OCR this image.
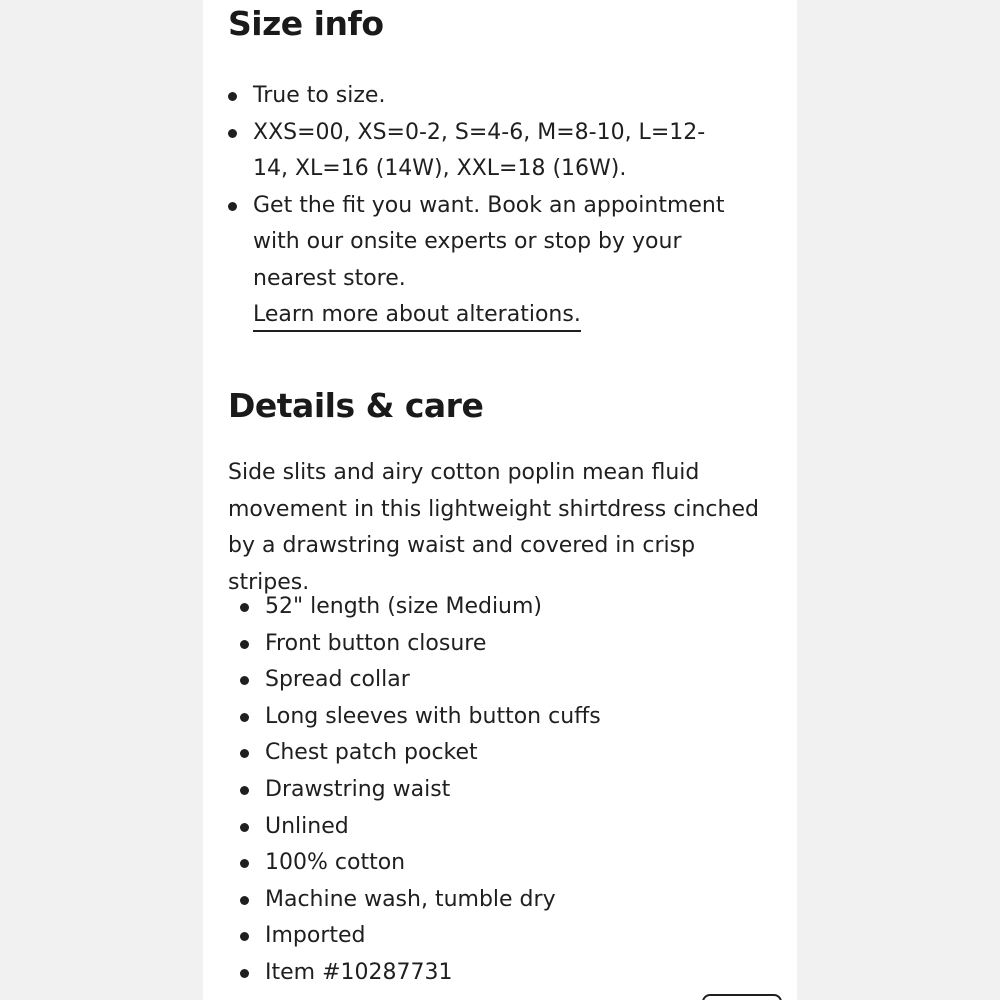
Size info
True to size.
XXS=00, XS=0-2, S=4-6, M=8-10, L=12-14, XL=16 (14W), XXL=18 (16W).
Get the fit you want. Book an appointment with our onsite experts or stop by your nearest store.
Learn more about alterations.
Details & care

Side slits and airy cotton poplin mean fluid movement in this lightweight shirtdress cinched by a drawstring waist and covered in crisp stripes.

52" length (size Medium)
Front button closure
Spread collar
Long sleeves with button cuffs
Chest patch pocket
Drawstring waist
Unlined
100% cotton
Machine wash, tumble dry
Imported
Item #10287731
